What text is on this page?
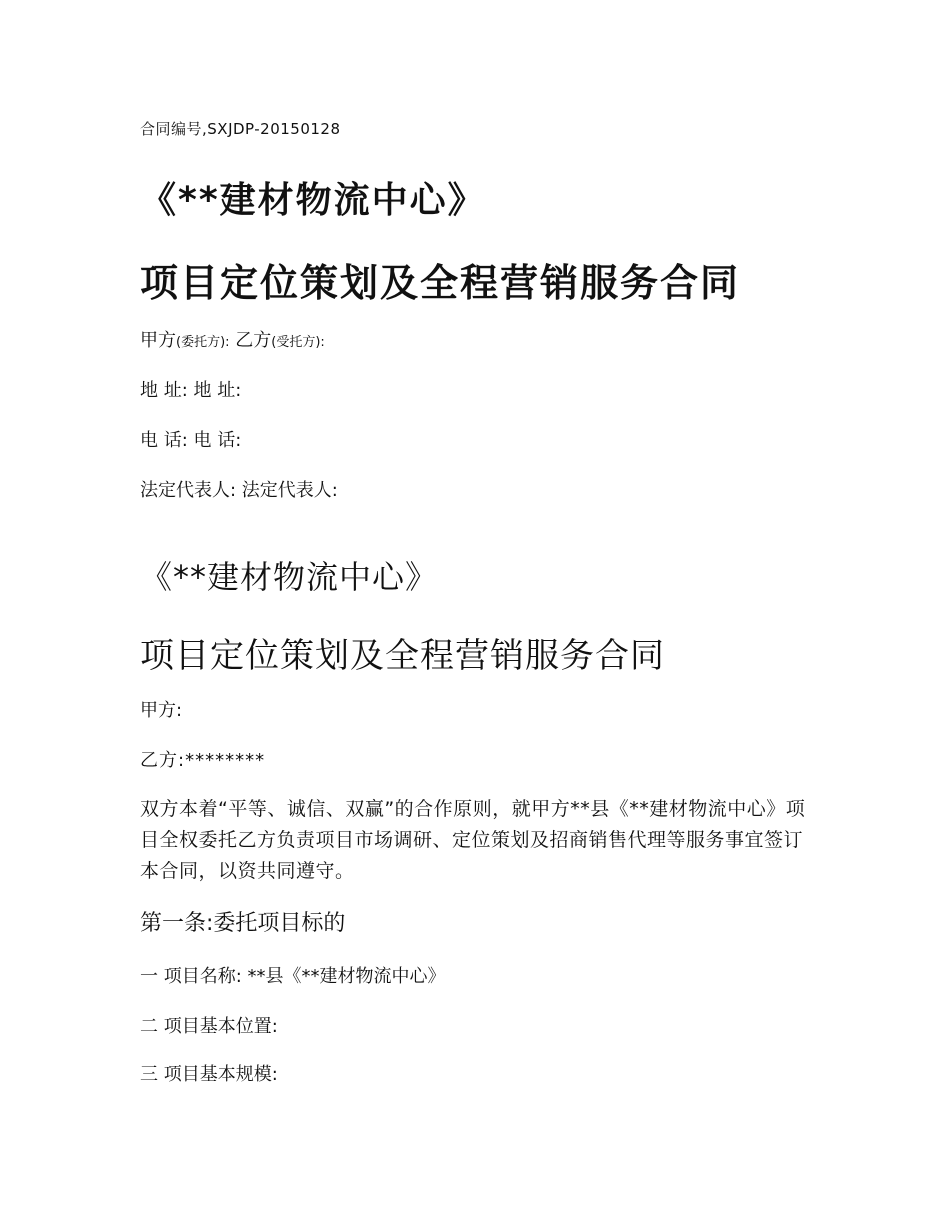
合同编号,SXJDP-20150128
《**建材物流中心》
项目定位策划及全程营销服务合同
甲方(委托方): 乙方(受托方):
地 址: 地 址:
电 话: 电 话:
法定代表人: 法定代表人:
《**建材物流中心》
项目定位策划及全程营销服务合同
甲方:
乙方:********
双方本着“平等、诚信、双赢”的合作原则，就甲方**县《**建材物流中心》项目全权委托乙方负责项目市场调研、定位策划及招商销售代理等服务事宜签订本合同，以资共同遵守。
第一条:委托项目标的
一 项目名称: **县《**建材物流中心》
二 项目基本位置:
三 项目基本规模:
